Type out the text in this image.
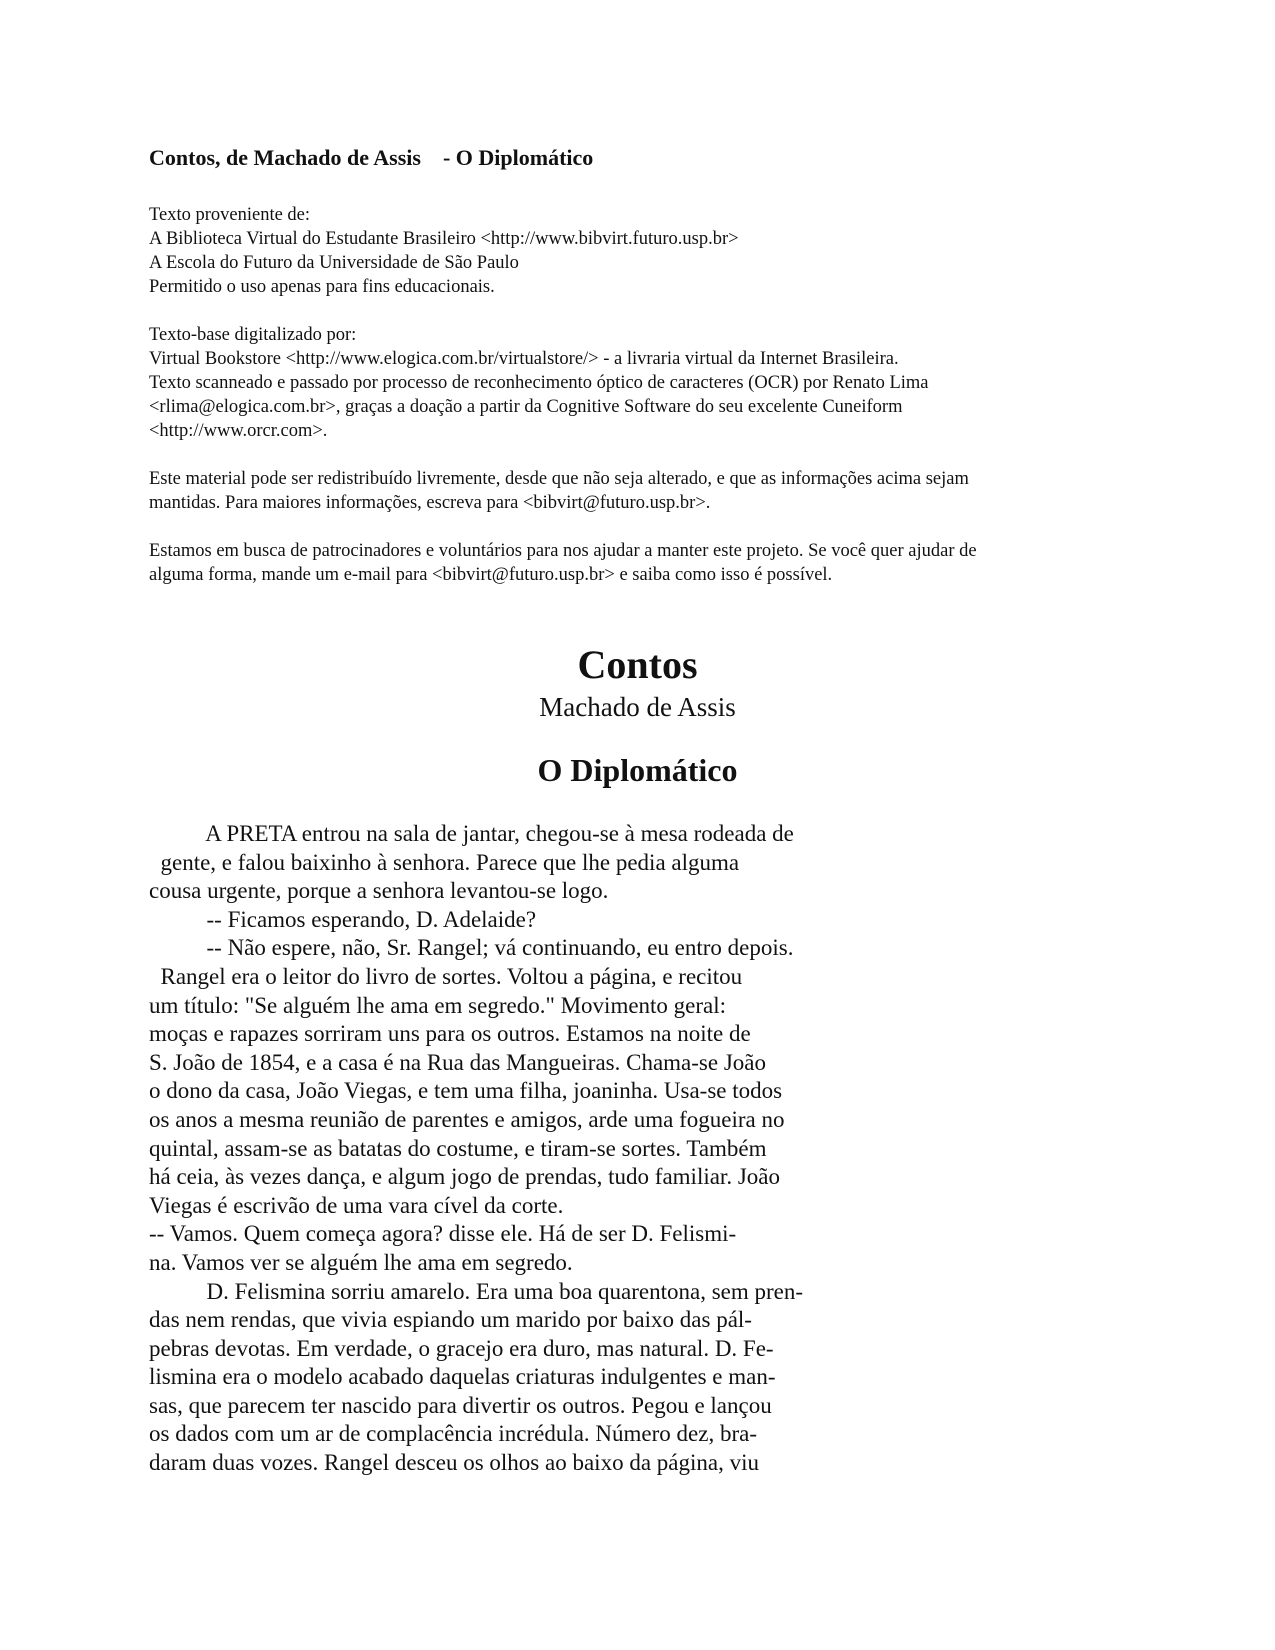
Contos, de Machado de Assis    - O Diplomático
Texto proveniente de:
A Biblioteca Virtual do Estudante Brasileiro <http://www.bibvirt.futuro.usp.br>
A Escola do Futuro da Universidade de São Paulo
Permitido o uso apenas para fins educacionais.
Texto-base digitalizado por:
Virtual Bookstore <http://www.elogica.com.br/virtualstore/> - a livraria virtual da Internet Brasileira.
Texto scanneado e passado por processo de reconhecimento óptico de caracteres (OCR) por Renato Lima
<rlima@elogica.com.br>, graças a doação a partir da Cognitive Software do seu excelente Cuneiform
<http://www.orcr.com>.
Este material pode ser redistribuído livremente, desde que não seja alterado, e que as informações acima sejam
mantidas. Para maiores informações, escreva para <bibvirt@futuro.usp.br>.
Estamos em busca de patrocinadores e voluntários para nos ajudar a manter este projeto. Se você quer ajudar de
alguma forma, mande um e-mail para <bibvirt@futuro.usp.br> e saiba como isso é possível.
Contos
Machado de Assis
O Diplomático
A PRETA entrou na sala de jantar, chegou-se à mesa rodeada de
gente, e falou baixinho à senhora. Parece que lhe pedia alguma
cousa urgente, porque a senhora levantou-se logo.
-- Ficamos esperando, D. Adelaide?
-- Não espere, não, Sr. Rangel; vá continuando, eu entro depois.
Rangel era o leitor do livro de sortes. Voltou a página, e recitou
um título: "Se alguém lhe ama em segredo." Movimento geral:
moças e rapazes sorriram uns para os outros. Estamos na noite de
S. João de 1854, e a casa é na Rua das Mangueiras. Chama-se João
o dono da casa, João Viegas, e tem uma filha, joaninha. Usa-se todos
os anos a mesma reunião de parentes e amigos, arde uma fogueira no
quintal, assam-se as batatas do costume, e tiram-se sortes. Também
há ceia, às vezes dança, e algum jogo de prendas, tudo familiar. João
Viegas é escrivão de uma vara cível da corte.
-- Vamos. Quem começa agora? disse ele. Há de ser D. Felismi-
na. Vamos ver se alguém lhe ama em segredo.
D. Felismina sorriu amarelo. Era uma boa quarentona, sem pren-
das nem rendas, que vivia espiando um marido por baixo das pál-
pebras devotas. Em verdade, o gracejo era duro, mas natural. D. Fe-
lismina era o modelo acabado daquelas criaturas indulgentes e man-
sas, que parecem ter nascido para divertir os outros. Pegou e lançou
os dados com um ar de complacência incrédula. Número dez, bra-
daram duas vozes. Rangel desceu os olhos ao baixo da página, viu
